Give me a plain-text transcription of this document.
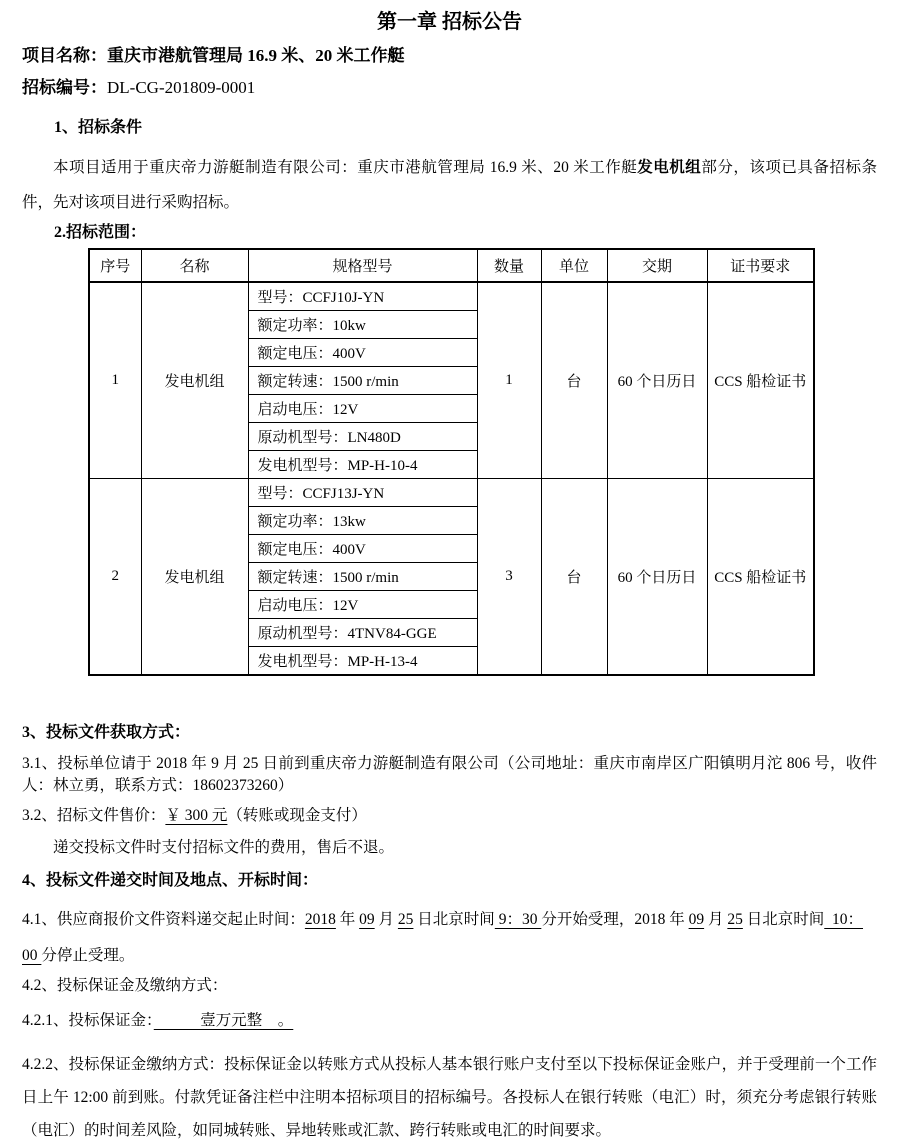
第一章 招标公告

项目名称：重庆市港航管理局 16.9 米、20 米工作艇

招标编号：DL-CG-201809-0001

1、招标条件

本项目适用于重庆帝力游艇制造有限公司：重庆市港航管理局 16.9 米、20 米工作艇发电机组部分，该项已具备招标条件，先对该项目进行采购招标。

2.招标范围：

序号	名称	规格型号	数量	单位	交期	证书要求
1	发电机组	型号：CCFJ10J-YN	1	台	60 个日历日	CCS 船检证书
		额定功率：10kw				
		额定电压：400V				
		额定转速：1500 r/min				
		启动电压：12V				
		原动机型号：LN480D				
		发电机型号：MP-H-10-4				
2	发电机组	型号：CCFJ13J-YN	3	台	60 个日历日	CCS 船检证书
		额定功率：13kw				
		额定电压：400V				
		额定转速：1500 r/min				
		启动电压：12V				
		原动机型号：4TNV84-GGE				
		发电机型号：MP-H-13-4				

3、投标文件获取方式：

3.1、投标单位请于 2018 年 9 月 25 日前到重庆帝力游艇制造有限公司（公司地址：重庆市南岸区广阳镇明月沱 806 号，收件人：林立勇，联系方式：18602373260）

3.2、招标文件售价：￥ 300 元（转账或现金支付）

递交投标文件时支付招标文件的费用，售后不退。

4、投标文件递交时间及地点、开标时间：

4.1、供应商报价文件资料递交起止时间：2018 年 09 月 25 日北京时间 9：30 分开始受理，2018 年 09 月 25 日北京时间  10：
00 分停止受理。

4.2、投标保证金及缴纳方式：

4.2.1、投标保证金：　　　壹万元整　。

4.2.2、投标保证金缴纳方式：投标保证金以转账方式从投标人基本银行账户支付至以下投标保证金账户，并于受理前一个工作日上午 12:00 前到账。付款凭证备注栏中注明本招标项目的招标编号。各投标人在银行转账（电汇）时，须充分考虑银行转账（电汇）的时间差风险，如同城转账、异地转账或汇款、跨行转账或电汇的时间要求。
